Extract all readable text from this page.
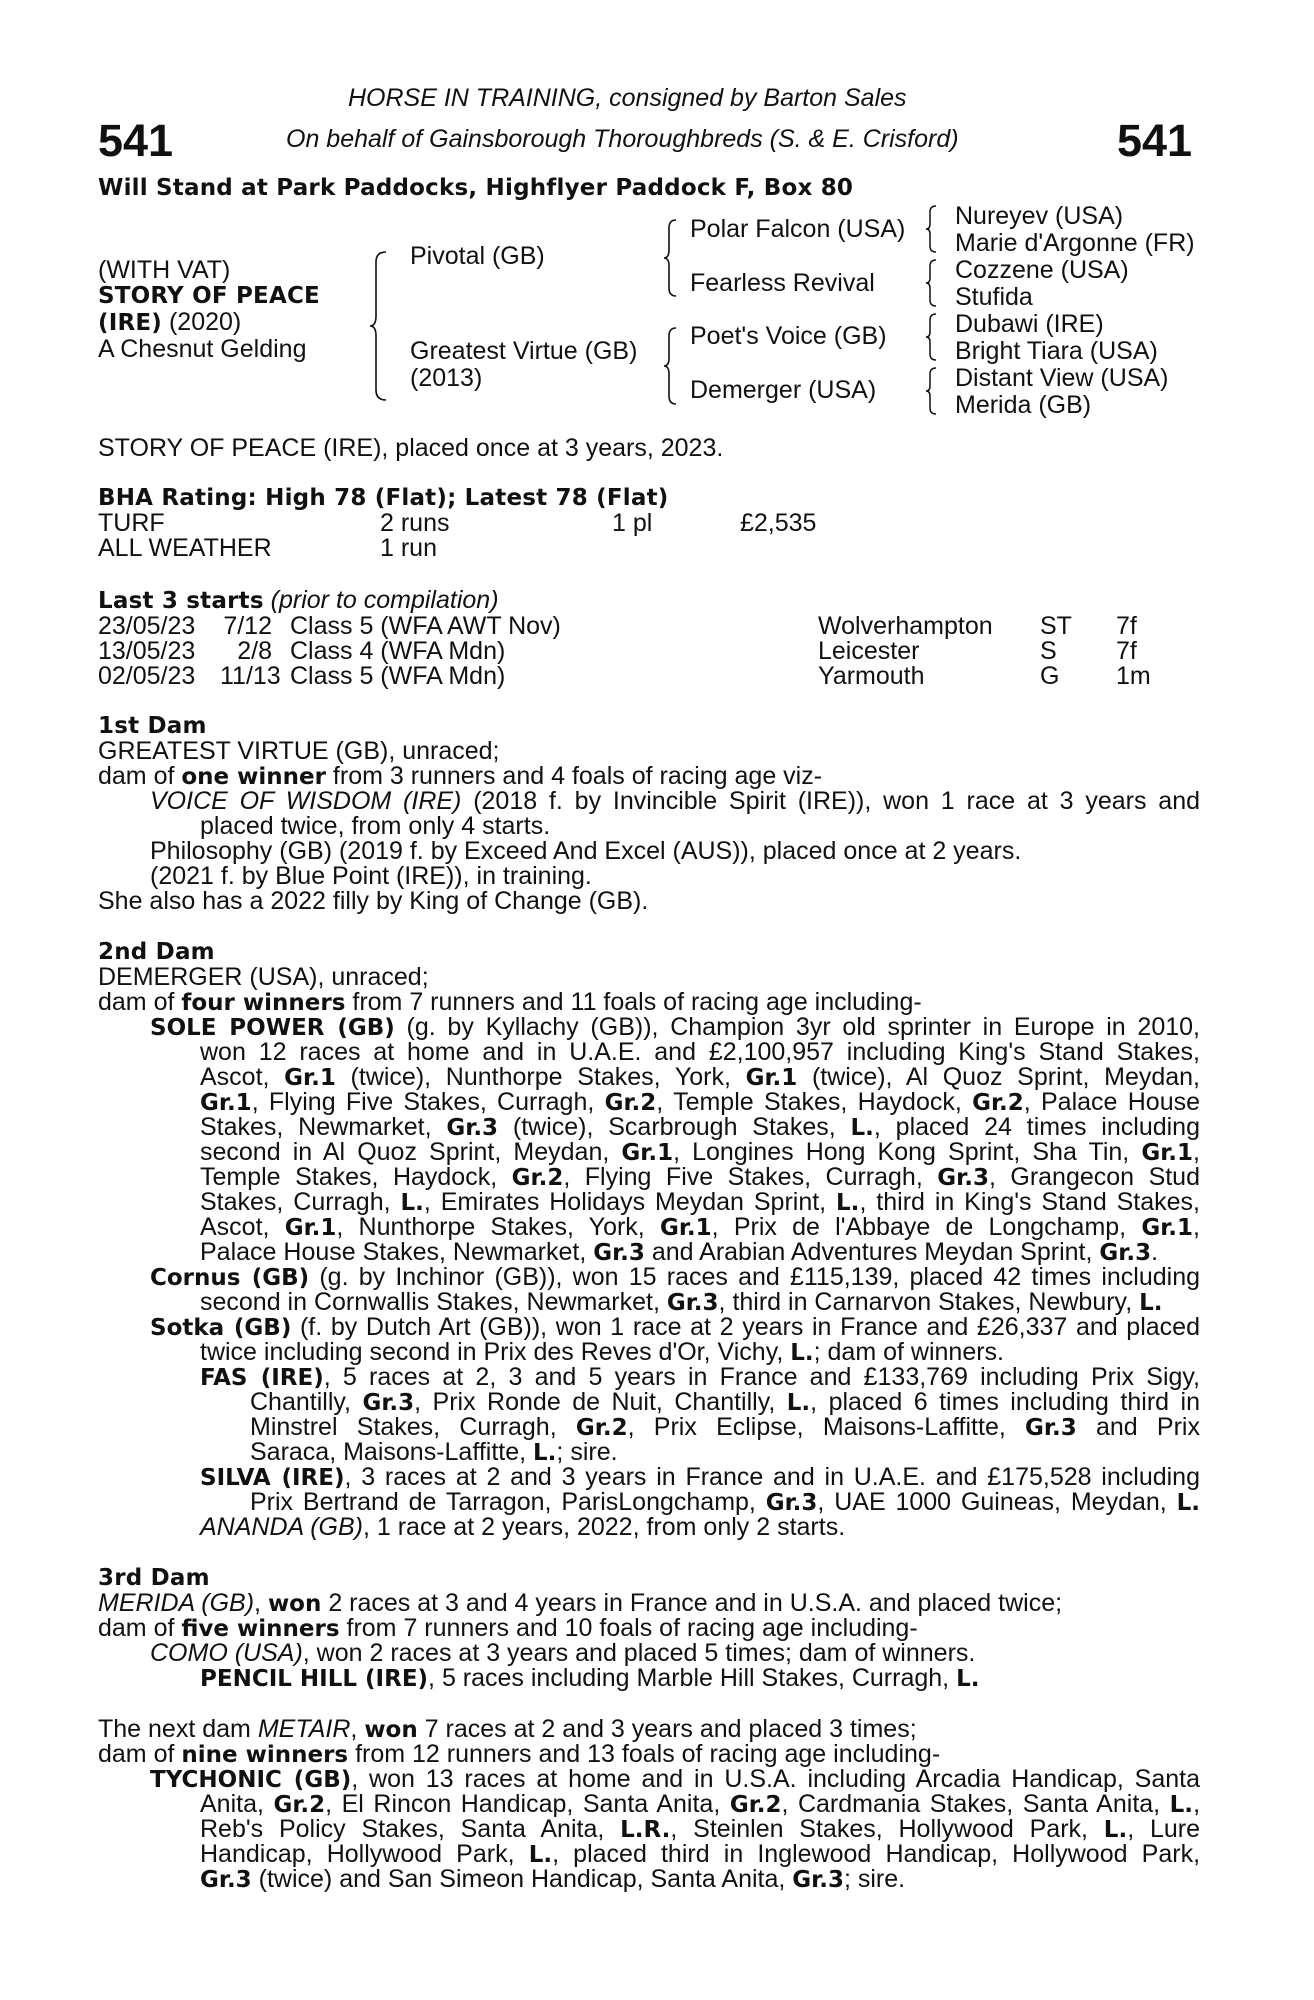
541	541
HORSE IN TRAINING, consigned by Barton Sales
On behalf of Gainsborough Thoroughbreds (S. & E. Crisford)
Will Stand at Park Paddocks, Highflyer Paddock F, Box 80
(WITH VAT)
STORY OF PEACE
(IRE) (2020)
A Chesnut Gelding
Pivotal (GB)
Greatest Virtue (GB)
(2013)
Polar Falcon (USA)
Fearless Revival
Poet's Voice (GB)
Demerger (USA)
Nureyev (USA)
Marie d'Argonne (FR)
Cozzene (USA)
Stufida
Dubawi (IRE)
Bright Tiara (USA)
Distant View (USA)
Merida (GB)
STORY OF PEACE (IRE), placed once at 3 years, 2023.
BHA Rating: High 78 (Flat); Latest 78 (Flat)
TURF	2 runs	1 pl	£2,535
ALL WEATHER	1 run
Last 3 starts (prior to compilation)
23/05/23 7/12 Class 5 (WFA AWT Nov)	Wolverhampton ST 7f
13/05/23	2/8 Class 4 (WFA Mdn)	Leicester	S 7f
02/05/23 11/13 Class 5 (WFA Mdn)	Yarmouth	G 1m
1st Dam
GREATEST VIRTUE (GB), unraced;
dam of one winner from 3 runners and 4 foals of racing age viz-
VOICE OF WISDOM (IRE) (2018 f. by Invincible Spirit (IRE)), won 1 race at 3 years and
placed twice, from only 4 starts.
Philosophy (GB) (2019 f. by Exceed And Excel (AUS)), placed once at 2 years.
(2021 f. by Blue Point (IRE)), in training.
She also has a 2022 filly by King of Change (GB).
2nd Dam
DEMERGER (USA), unraced;
dam of four winners from 7 runners and 11 foals of racing age including-
SOLE POWER (GB) (g. by Kyllachy (GB)), Champion 3yr old sprinter in Europe in 2010,
won 12 races at home and in U.A.E. and £2,100,957 including King's Stand Stakes,
Ascot, Gr.1 (twice), Nunthorpe Stakes, York, Gr.1 (twice), Al Quoz Sprint, Meydan,
Gr.1, Flying Five Stakes, Curragh, Gr.2, Temple Stakes, Haydock, Gr.2, Palace House
Stakes, Newmarket, Gr.3 (twice), Scarbrough Stakes, L., placed 24 times including
second in Al Quoz Sprint, Meydan, Gr.1, Longines Hong Kong Sprint, Sha Tin, Gr.1,
Temple Stakes, Haydock, Gr.2, Flying Five Stakes, Curragh, Gr.3, Grangecon Stud
Stakes, Curragh, L., Emirates Holidays Meydan Sprint, L., third in King's Stand Stakes,
Ascot, Gr.1, Nunthorpe Stakes, York, Gr.1, Prix de l'Abbaye de Longchamp, Gr.1,
Palace House Stakes, Newmarket, Gr.3 and Arabian Adventures Meydan Sprint, Gr.3.
Cornus (GB) (g. by Inchinor (GB)), won 15 races and £115,139, placed 42 times including
second in Cornwallis Stakes, Newmarket, Gr.3, third in Carnarvon Stakes, Newbury, L.
Sotka (GB) (f. by Dutch Art (GB)), won 1 race at 2 years in France and £26,337 and placed
twice including second in Prix des Reves d'Or, Vichy, L.; dam of winners.
FAS (IRE), 5 races at 2, 3 and 5 years in France and £133,769 including Prix Sigy,
Chantilly, Gr.3, Prix Ronde de Nuit, Chantilly, L., placed 6 times including third in
Minstrel Stakes, Curragh, Gr.2, Prix Eclipse, Maisons-Laffitte, Gr.3 and Prix
Saraca, Maisons-Laffitte, L.; sire.
SILVA (IRE), 3 races at 2 and 3 years in France and in U.A.E. and £175,528 including
Prix Bertrand de Tarragon, ParisLongchamp, Gr.3, UAE 1000 Guineas, Meydan, L.
ANANDA (GB), 1 race at 2 years, 2022, from only 2 starts.
3rd Dam
MERIDA (GB), won 2 races at 3 and 4 years in France and in U.S.A. and placed twice;
dam of five winners from 7 runners and 10 foals of racing age including-
COMO (USA), won 2 races at 3 years and placed 5 times; dam of winners.
PENCIL HILL (IRE), 5 races including Marble Hill Stakes, Curragh, L.
The next dam METAIR, won 7 races at 2 and 3 years and placed 3 times;
dam of nine winners from 12 runners and 13 foals of racing age including-
TYCHONIC (GB), won 13 races at home and in U.S.A. including Arcadia Handicap, Santa
Anita, Gr.2, El Rincon Handicap, Santa Anita, Gr.2, Cardmania Stakes, Santa Anita, L.,
Reb's Policy Stakes, Santa Anita, L.R., Steinlen Stakes, Hollywood Park, L., Lure
Handicap, Hollywood Park, L., placed third in Inglewood Handicap, Hollywood Park,
Gr.3 (twice) and San Simeon Handicap, Santa Anita, Gr.3; sire.
